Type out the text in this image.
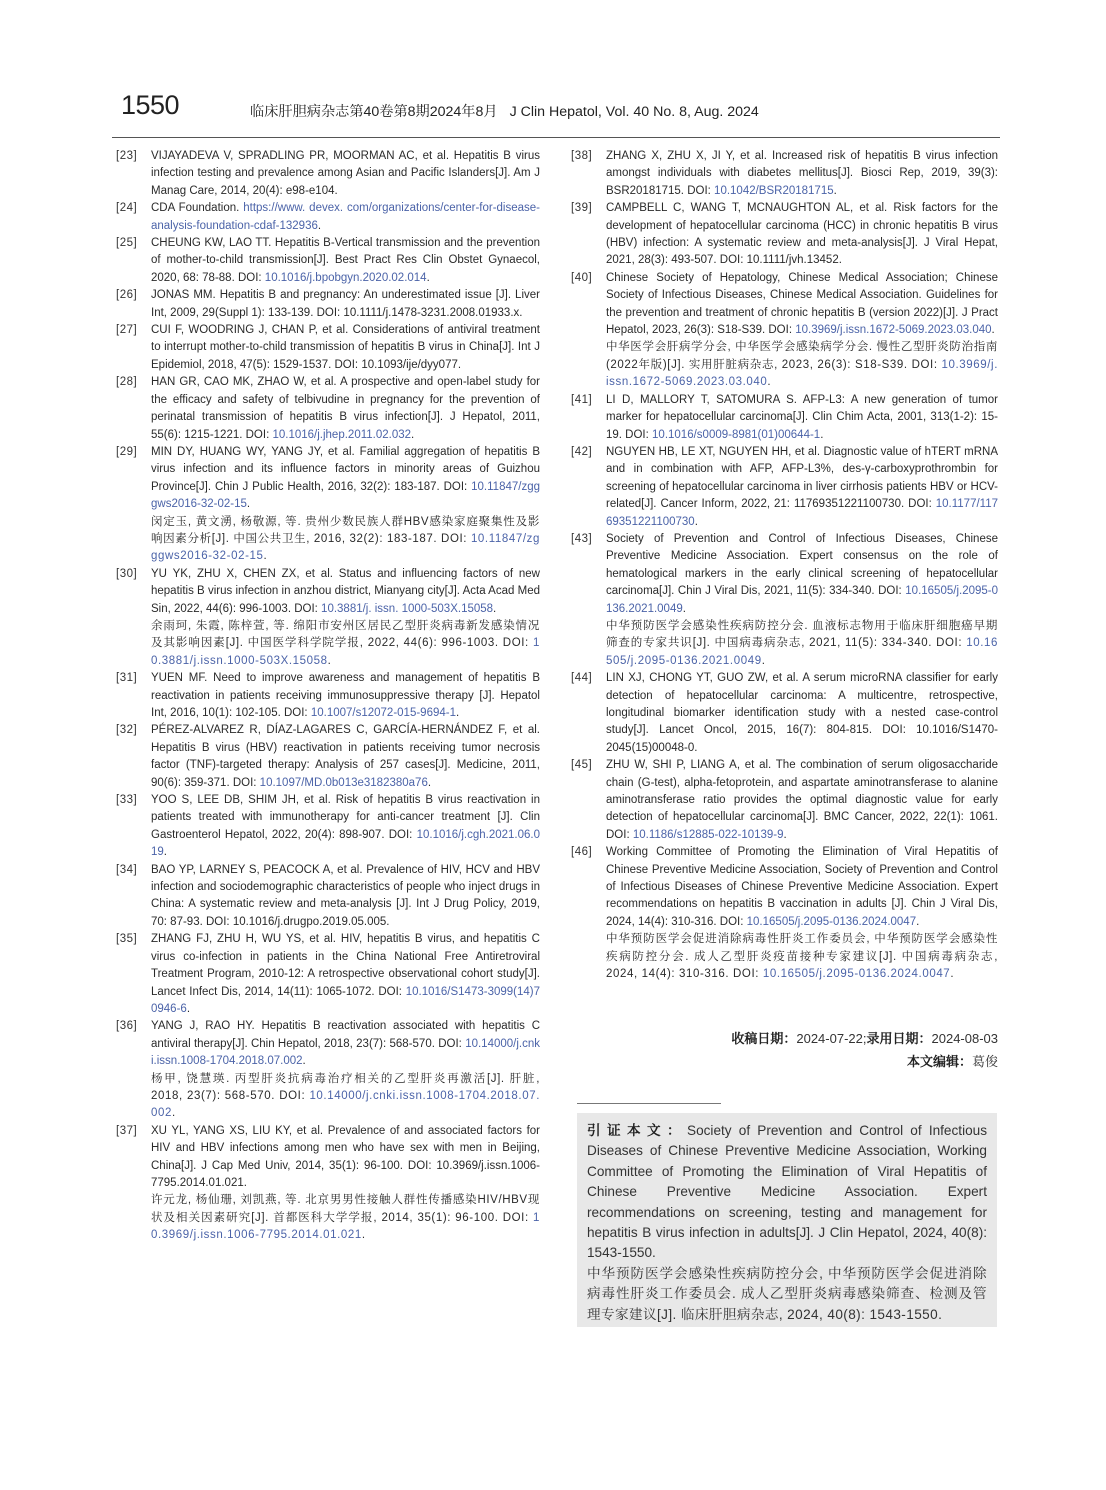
1550	临床肝胆病杂志第40卷第8期2024年8月 J Clin Hepatol, Vol. 40 No. 8, Aug. 2024
[23] VIJAYADEVA V, SPRADLING PR, MOORMAN AC, et al. Hepatitis B virus infection testing and prevalence among Asian and Pacific Islanders[J]. Am J Manag Care, 2014, 20(4): e98-e104.
[24] CDA Foundation. https://www. devex. com/organizations/center-for-disease-analysis-foundation-cdaf-132936.
[25] CHEUNG KW, LAO TT. Hepatitis B-Vertical transmission and the prevention of mother-to-child transmission[J]. Best Pract Res Clin Obstet Gynaecol, 2020, 68: 78-88. DOI: 10.1016/j.bpobgyn.2020.02.014.
[26] JONAS MM. Hepatitis B and pregnancy: An underestimated issue [J]. Liver Int, 2009, 29(Suppl 1): 133-139. DOI: 10.1111/j.1478-3231.2008.01933.x.
[27] CUI F, WOODRING J, CHAN P, et al. Considerations of antiviral treatment to interrupt mother-to-child transmission of hepatitis B virus in China[J]. Int J Epidemiol, 2018, 47(5): 1529-1537. DOI: 10.1093/ije/dyy077.
[28] HAN GR, CAO MK, ZHAO W, et al. A prospective and open-label study for the efficacy and safety of telbivudine in pregnancy for the prevention of perinatal transmission of hepatitis B virus infection[J]. J Hepatol, 2011, 55(6): 1215-1221. DOI: 10.1016/j.jhep.2011.02.032.
[29] MIN DY, HUANG WY, YANG JY, et al. Familial aggregation of hepatitis B virus infection and its influence factors in minority areas of Guizhou Province[J]. Chin J Public Health, 2016, 32(2): 183-187. DOI: 10.11847/zgggws2016-32-02-15.
闵定玉, 黄文湧, 杨敬源, 等. 贵州少数民族人群HBV感染家庭聚集性及影响因素分析[J]. 中国公共卫生, 2016, 32(2): 183-187. DOI: 10.11847/zgggws2016-32-02-15.
[30] YU YK, ZHU X, CHEN ZX, et al. Status and influencing factors of new hepatitis B virus infection in anzhou district, Mianyang city[J]. Acta Acad Med Sin, 2022, 44(6): 996-1003. DOI: 10.3881/j. issn. 1000-503X.15058.
余雨珂, 朱霞, 陈梓萱, 等. 绵阳市安州区居民乙型肝炎病毒新发感染情况及其影响因素[J]. 中国医学科学院学报, 2022, 44(6): 996-1003. DOI: 10.3881/j.issn.1000-503X.15058.
[31] YUEN MF. Need to improve awareness and management of hepatitis B reactivation in patients receiving immunosuppressive therapy [J]. Hepatol Int, 2016, 10(1): 102-105. DOI: 10.1007/s12072-015-9694-1.
[32] PÉREZ-ALVAREZ R, DÍAZ-LAGARES C, GARCÍA-HERNÁNDEZ F, et al. Hepatitis B virus (HBV) reactivation in patients receiving tumor necrosis factor (TNF)-targeted therapy: Analysis of 257 cases[J]. Medicine, 2011, 90(6): 359-371. DOI: 10.1097/MD.0b013e3182380a76.
[33] YOO S, LEE DB, SHIM JH, et al. Risk of hepatitis B virus reactivation in patients treated with immunotherapy for anti-cancer treatment [J]. Clin Gastroenterol Hepatol, 2022, 20(4): 898-907. DOI: 10.1016/j.cgh.2021.06.019.
[34] BAO YP, LARNEY S, PEACOCK A, et al. Prevalence of HIV, HCV and HBV infection and sociodemographic characteristics of people who inject drugs in China: A systematic review and meta-analysis [J]. Int J Drug Policy, 2019, 70: 87-93. DOI: 10.1016/j.drugpo.2019.05.005.
[35] ZHANG FJ, ZHU H, WU YS, et al. HIV, hepatitis B virus, and hepatitis C virus co-infection in patients in the China National Free Antiretroviral Treatment Program, 2010-12: A retrospective observational cohort study[J]. Lancet Infect Dis, 2014, 14(11): 1065-1072. DOI: 10.1016/S1473-3099(14)70946-6.
[36] YANG J, RAO HY. Hepatitis B reactivation associated with hepatitis C antiviral therapy[J]. Chin Hepatol, 2018, 23(7): 568-570. DOI: 10.14000/j.cnki.issn.1008-1704.2018.07.002.
杨甲, 饶慧瑛. 丙型肝炎抗病毒治疗相关的乙型肝炎再激活[J]. 肝脏, 2018, 23(7): 568-570. DOI: 10.14000/j.cnki.issn.1008-1704.2018.07.002.
[37] XU YL, YANG XS, LIU KY, et al. Prevalence of and associated factors for HIV and HBV infections among men who have sex with men in Beijing, China[J]. J Cap Med Univ, 2014, 35(1): 96-100. DOI: 10.3969/j.issn.1006-7795.2014.01.021.
许元龙, 杨仙珊, 刘凯燕, 等. 北京男男性接触人群性传播感染HIV/HBV现状及相关因素研究[J]. 首都医科大学学报, 2014, 35(1): 96-100. DOI: 10.3969/j.issn.1006-7795.2014.01.021.
[38] ZHANG X, ZHU X, JI Y, et al. Increased risk of hepatitis B virus infection amongst individuals with diabetes mellitus[J]. Biosci Rep, 2019, 39(3): BSR20181715. DOI: 10.1042/BSR20181715.
[39] CAMPBELL C, WANG T, MCNAUGHTON AL, et al. Risk factors for the development of hepatocellular carcinoma (HCC) in chronic hepatitis B virus (HBV) infection: A systematic review and meta-analysis[J]. J Viral Hepat, 2021, 28(3): 493-507. DOI: 10.1111/jvh.13452.
[40] Chinese Society of Hepatology, Chinese Medical Association; Chinese Society of Infectious Diseases, Chinese Medical Association. Guidelines for the prevention and treatment of chronic hepatitis B (version 2022)[J]. J Pract Hepatol, 2023, 26(3): S18-S39. DOI: 10.3969/j.issn.1672-5069.2023.03.040.
中华医学会肝病学分会, 中华医学会感染病学分会. 慢性乙型肝炎防治指南(2022年版)[J]. 实用肝脏病杂志, 2023, 26(3): S18-S39. DOI: 10.3969/j.issn.1672-5069.2023.03.040.
[41] LI D, MALLORY T, SATOMURA S. AFP-L3: A new generation of tumor marker for hepatocellular carcinoma[J]. Clin Chim Acta, 2001, 313(1-2): 15-19. DOI: 10.1016/s0009-8981(01)00644-1.
[42] NGUYEN HB, LE XT, NGUYEN HH, et al. Diagnostic value of hTERT mRNA and in combination with AFP, AFP-L3%, des-γ-carboxyprothrombin for screening of hepatocellular carcinoma in liver cirrhosis patients HBV or HCV-related[J]. Cancer Inform, 2022, 21: 11769351221100730. DOI: 10.1177/11769351221100730.
[43] Society of Prevention and Control of Infectious Diseases, Chinese Preventive Medicine Association. Expert consensus on the role of hematological markers in the early clinical screening of hepatocellular carcinoma[J]. Chin J Viral Dis, 2021, 11(5): 334-340. DOI: 10.16505/j.2095-0136.2021.0049.
中华预防医学会感染性疾病防控分会. 血液标志物用于临床肝细胞癌早期筛查的专家共识[J]. 中国病毒病杂志, 2021, 11(5): 334-340. DOI: 10.16505/j.2095-0136.2021.0049.
[44] LIN XJ, CHONG YT, GUO ZW, et al. A serum microRNA classifier for early detection of hepatocellular carcinoma: A multicentre, retrospective, longitudinal biomarker identification study with a nested case-control study[J]. Lancet Oncol, 2015, 16(7): 804-815. DOI: 10.1016/S1470-2045(15)00048-0.
[45] ZHU W, SHI P, LIANG A, et al. The combination of serum oligosaccharide chain (G-test), alpha-fetoprotein, and aspartate aminotransferase to alanine aminotransferase ratio provides the optimal diagnostic value for early detection of hepatocellular carcinoma[J]. BMC Cancer, 2022, 22(1): 1061. DOI: 10.1186/s12885-022-10139-9.
[46] Working Committee of Promoting the Elimination of Viral Hepatitis of Chinese Preventive Medicine Association, Society of Prevention and Control of Infectious Diseases of Chinese Preventive Medicine Association. Expert recommendations on hepatitis B vaccination in adults [J]. Chin J Viral Dis, 2024, 14(4): 310-316. DOI: 10.16505/j.2095-0136.2024.0047.
中华预防医学会促进消除病毒性肝炎工作委员会, 中华预防医学会感染性疾病防控分会. 成人乙型肝炎疫苗接种专家建议[J]. 中国病毒病杂志, 2024, 14(4): 310-316. DOI: 10.16505/j.2095-0136.2024.0047.
收稿日期：2024-07-22;录用日期：2024-08-03
本文编辑：葛俊
引证本文：Society of Prevention and Control of Infectious Diseases of Chinese Preventive Medicine Association, Working Committee of Promoting the Elimination of Viral Hepatitis of Chinese Preventive Medicine Association. Expert recommendations on screening, testing and management for hepatitis B virus infection in adults[J]. J Clin Hepatol, 2024, 40(8): 1543-1550.
中华预防医学会感染性疾病防控分会, 中华预防医学会促进消除病毒性肝炎工作委员会. 成人乙型肝炎病毒感染筛查、检测及管理专家建议[J]. 临床肝胆病杂志, 2024, 40(8): 1543-1550.
